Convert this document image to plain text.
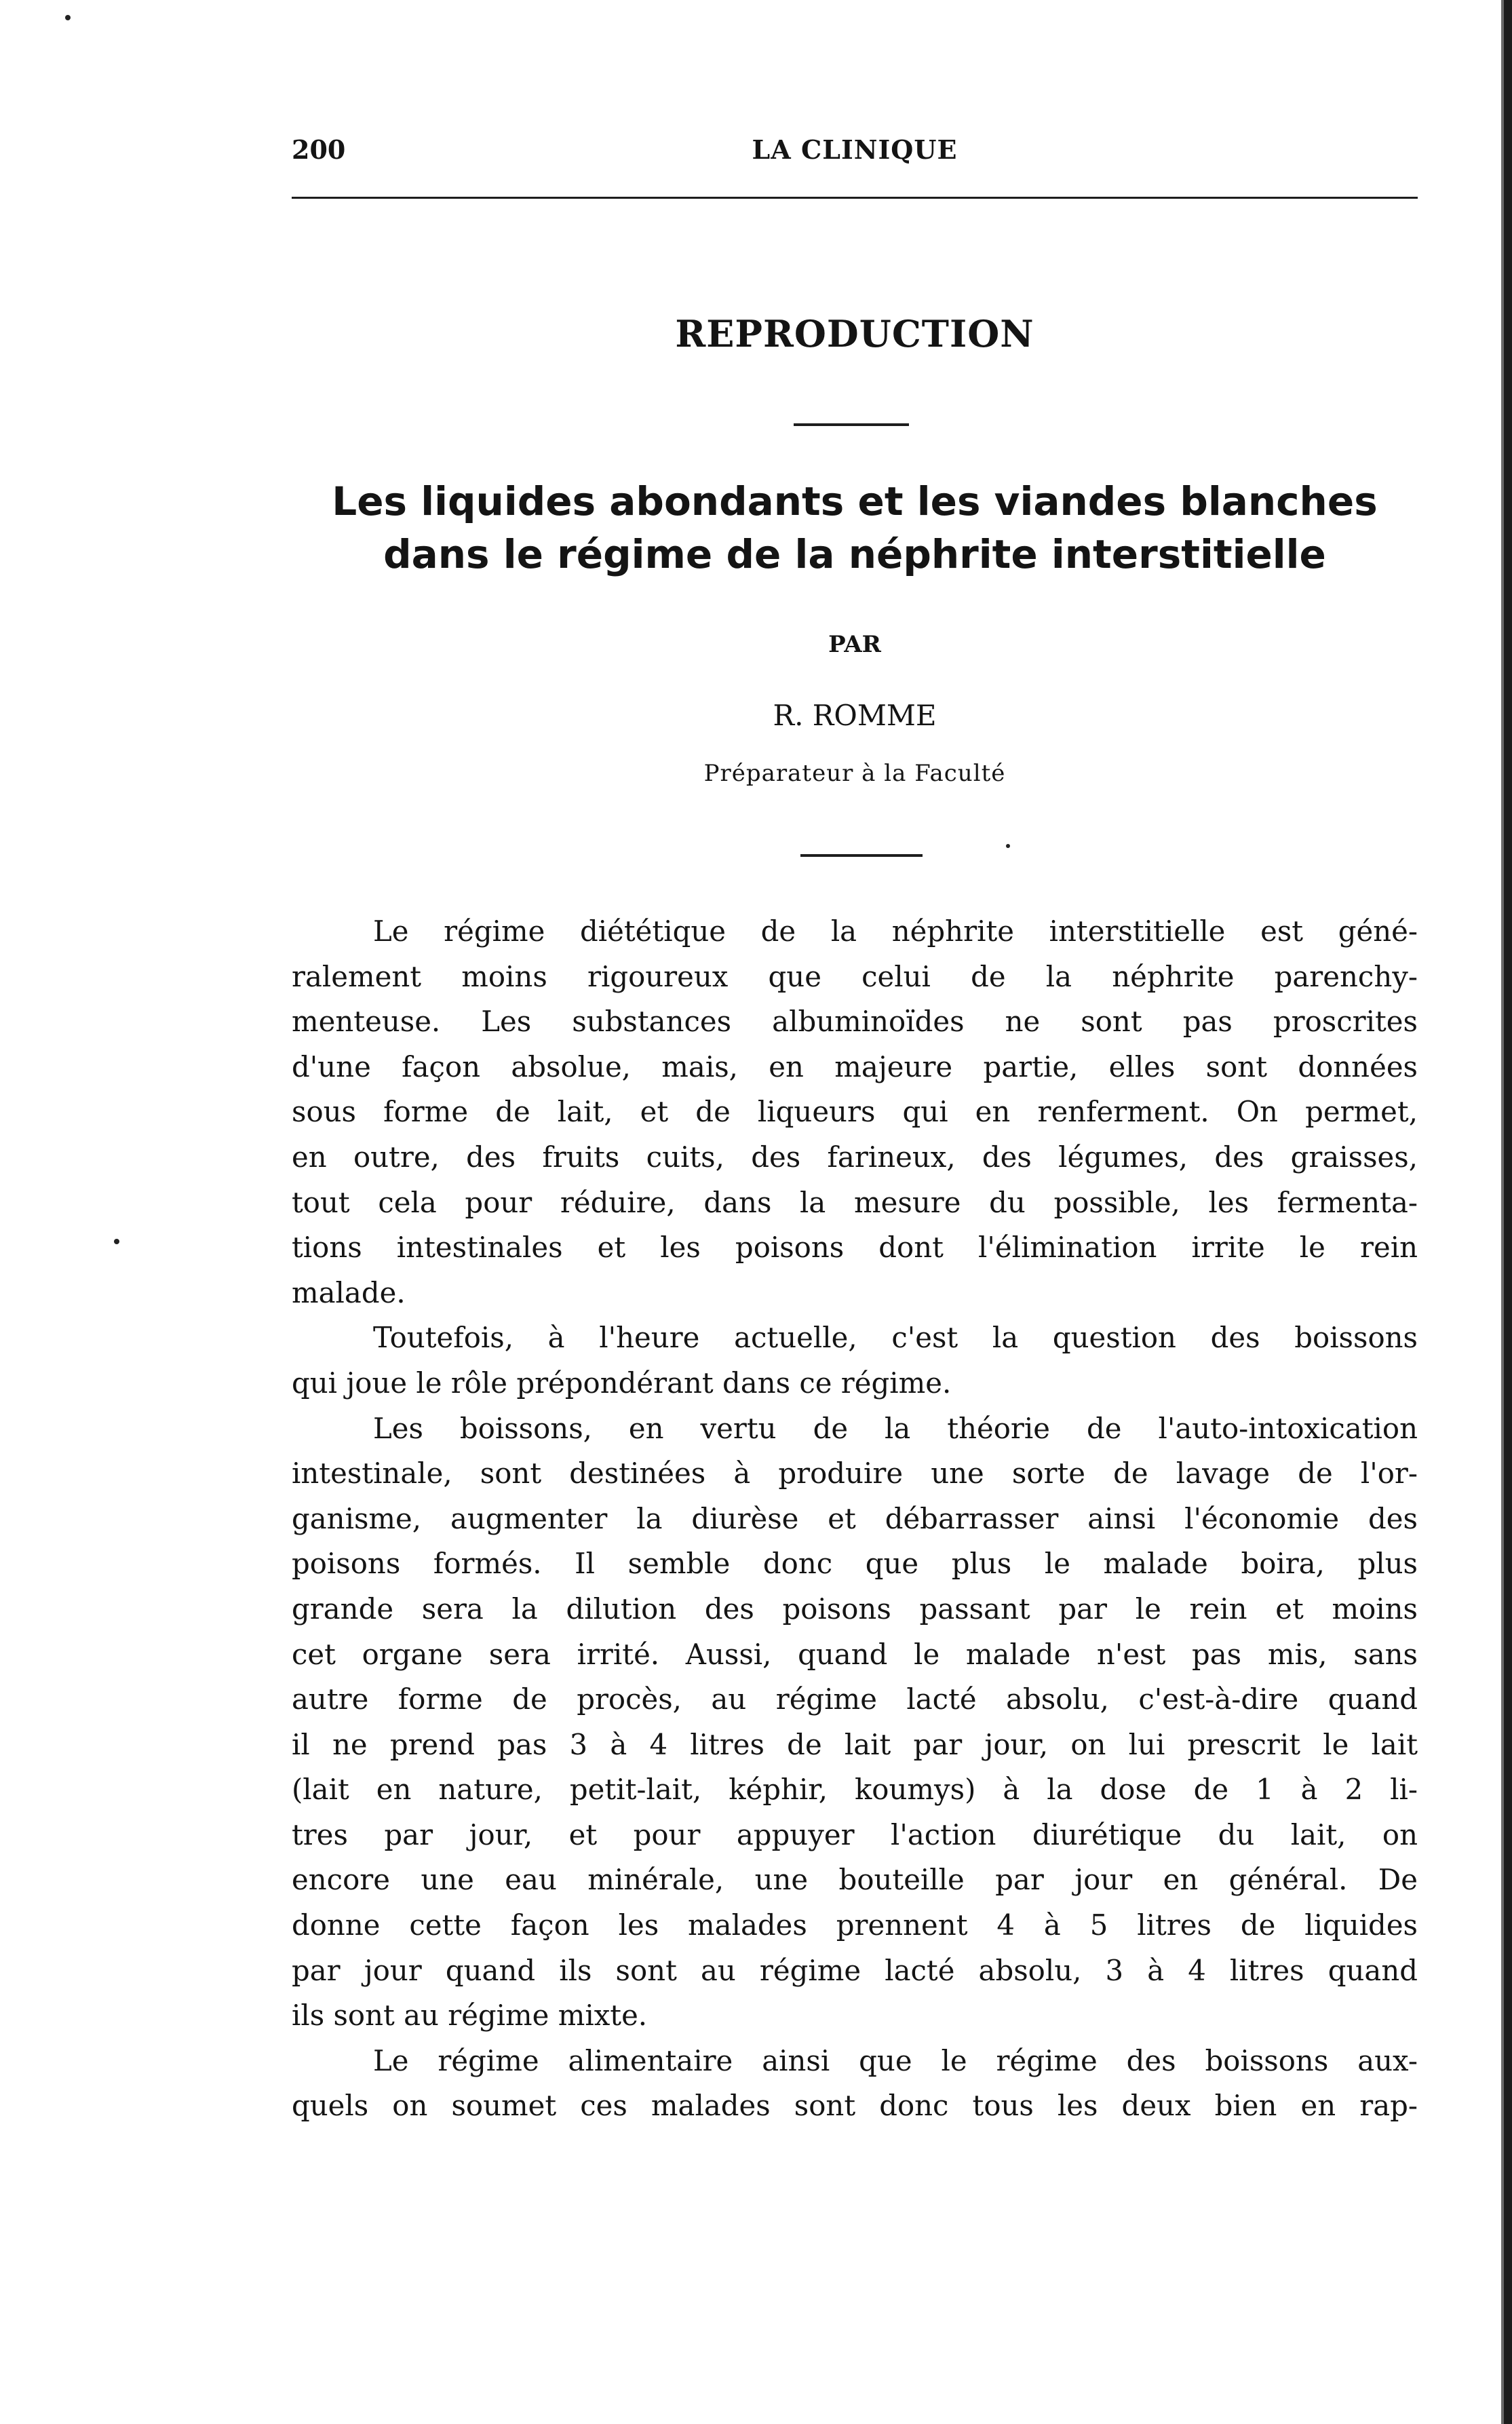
200	LA CLINIQUE
REPRODUCTION
Les liquides abondants et les viandes blanches
dans le régime de la néphrite interstitielle
PAR
R. ROMME
Préparateur à la Faculté
Le régime diététique de la néphrite interstitielle est géné-
ralement moins rigoureux que celui de la néphrite parenchy-
menteuse. Les substances albuminoïdes ne sont pas proscrites
d'une façon absolue, mais, en majeure partie, elles sont données
sous forme de lait, et de liqueurs qui en renferment. On permet,
en outre, des fruits cuits, des farineux, des légumes, des graisses,
tout cela pour réduire, dans la mesure du possible, les fermenta-
tions intestinales et les poisons dont l'élimination irrite le rein
malade.
Toutefois, à l'heure actuelle, c'est la question des boissons
qui joue le rôle prépondérant dans ce régime.
Les boissons, en vertu de la théorie de l'auto-intoxication
intestinale, sont destinées à produire une sorte de lavage de l'or-
ganisme, augmenter la diurèse et débarrasser ainsi l'économie des
poisons formés. Il semble donc que plus le malade boira, plus
grande sera la dilution des poisons passant par le rein et moins
cet organe sera irrité. Aussi, quand le malade n'est pas mis, sans
autre forme de procès, au régime lacté absolu, c'est-à-dire quand
il ne prend pas 3 à 4 litres de lait par jour, on lui prescrit le lait
(lait en nature, petit-lait, képhir, koumys) à la dose de 1 à 2 li-
tres par jour, et pour appuyer l'action diurétique du lait, on
encore une eau minérale, une bouteille par jour en général. De
donne cette façon les malades prennent 4 à 5 litres de liquides
par jour quand ils sont au régime lacté absolu, 3 à 4 litres quand
ils sont au régime mixte.
Le régime alimentaire ainsi que le régime des boissons aux-
quels on soumet ces malades sont donc tous les deux bien en rap-
